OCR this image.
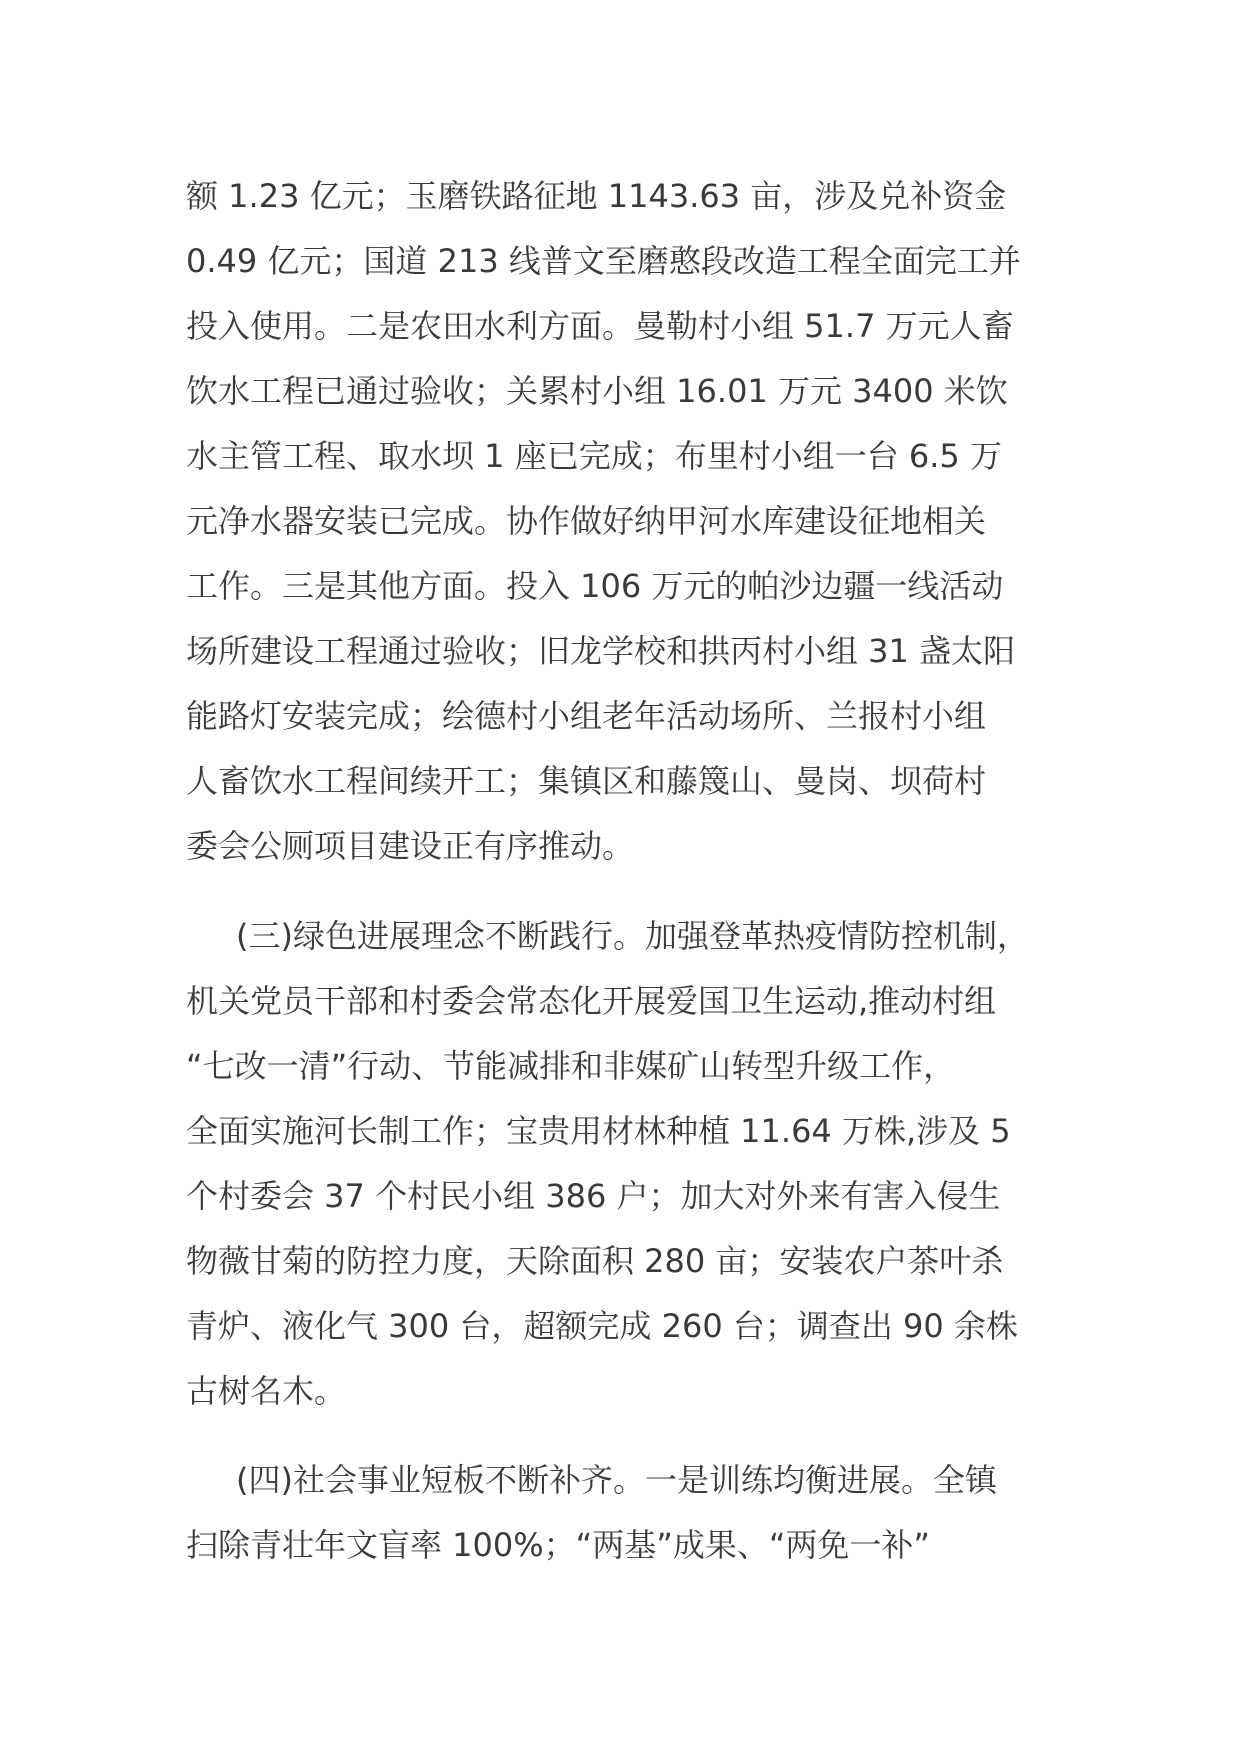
额 1.23 亿元；玉磨铁路征地 1143.63 亩，涉及兑补资金
0.49 亿元；国道 213 线普文至磨憨段改造工程全面完工并
投入使用。二是农田水利方面。曼勒村小组 51.7 万元人畜
饮水工程已通过验收；关累村小组 16.01 万元 3400 米饮
水主管工程、取水坝 1 座已完成；布里村小组一台 6.5 万
元净水器安装已完成。协作做好纳甲河水库建设征地相关
工作。三是其他方面。投入 106 万元的帕沙边疆一线活动
场所建设工程通过验收；旧龙学校和拱丙村小组 31 盏太阳
能路灯安装完成；绘德村小组老年活动场所、兰报村小组
人畜饮水工程间续开工；集镇区和藤篾山、曼岗、坝荷村
委会公厕项目建设正有序推动。
(三)绿色进展理念不断践行。加强登革热疫情防控机制，
机关党员干部和村委会常态化开展爱国卫生运动,推动村组
“七改一清”行动、节能减排和非媒矿山转型升级工作，
全面实施河长制工作；宝贵用材林种植 11.64 万株,涉及 5
个村委会 37 个村民小组 386 户；加大对外来有害入侵生
物薇甘菊的防控力度，天除面积 280 亩；安装农户茶叶杀
青炉、液化气 300 台，超额完成 260 台；调查出 90 余株
古树名木。
(四)社会事业短板不断补齐。一是训练均衡进展。全镇
扫除青壮年文盲率 100%；“两基”成果、“两免一补”
